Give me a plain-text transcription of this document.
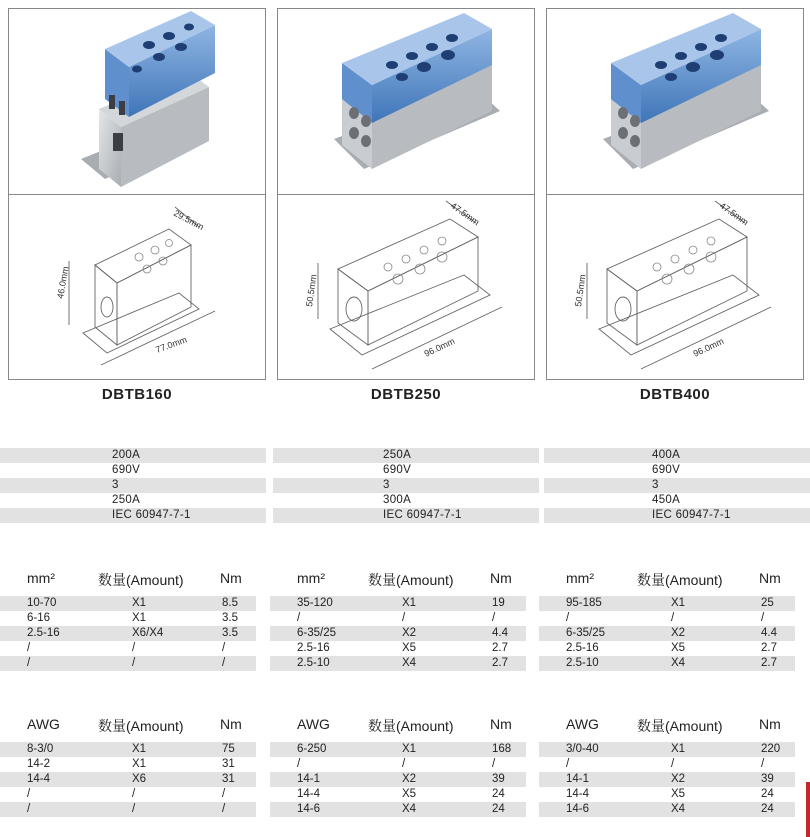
46.0mm
29.5mm
77.0mm
DBTB160
50.5mm
47.5mm
96.0mm
DBTB250
50.5mm
47.5mm
96.0mm
DBTB400
200A
690V
3
250A
IEC 60947-7-1
250A
690V
3
300A
IEC 60947-7-1
400A
690V
3
450A
IEC 60947-7-1
mm²	数量(Amount)	Nm
10-70	X1	8.5
6-16	X1	3.5
2.5-16	X6/X4	3.5
/	/	/
/	/	/
mm²	数量(Amount)	Nm
35-120	X1	19
/	/	/
6-35/25	X2	4.4
2.5-16	X5	2.7
2.5-10	X4	2.7
mm²	数量(Amount)	Nm
95-185	X1	25
/	/	/
6-35/25	X2	4.4
2.5-16	X5	2.7
2.5-10	X4	2.7
AWG	数量(Amount)	Nm
8-3/0	X1	75
14-2	X1	31
14-4	X6	31
/	/	/
/	/	/
AWG	数量(Amount)	Nm
6-250	X1	168
/	/	/
14-1	X2	39
14-4	X5	24
14-6	X4	24
AWG	数量(Amount)	Nm
3/0-40	X1	220
/	/	/
14-1	X2	39
14-4	X5	24
14-6	X4	24
